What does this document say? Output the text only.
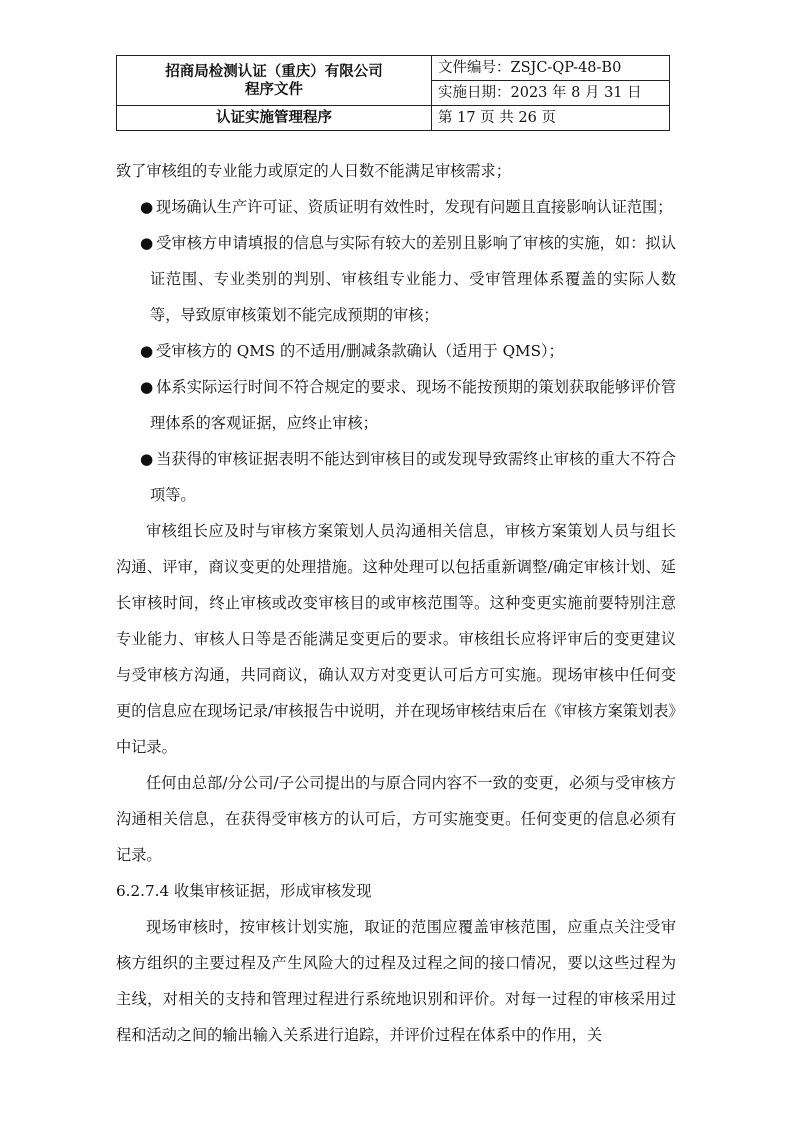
招商局检测认证（重庆）有限公司
程序文件	文件编号：ZSJC-QP-48-B0
	实施日期：2023 年 8 月 31 日
认证实施管理程序	第 17 页 共 26 页

致了审核组的专业能力或原定的人日数不能满足审核需求；

● 现场确认生产许可证、资质证明有效性时，发现有问题且直接影响认证范围；

● 受审核方申请填报的信息与实际有较大的差别且影响了审核的实施，如：拟认证范围、专业类别的判别、审核组专业能力、受审管理体系覆盖的实际人数等，导致原审核策划不能完成预期的审核；

● 受审核方的 QMS 的不适用/删减条款确认（适用于 QMS）；

● 体系实际运行时间不符合规定的要求、现场不能按预期的策划获取能够评价管理体系的客观证据，应终止审核；

● 当获得的审核证据表明不能达到审核目的或发现导致需终止审核的重大不符合项等。

审核组长应及时与审核方案策划人员沟通相关信息，审核方案策划人员与组长沟通、评审，商议变更的处理措施。这种处理可以包括重新调整/确定审核计划、延长审核时间，终止审核或改变审核目的或审核范围等。这种变更实施前要特别注意专业能力、审核人日等是否能满足变更后的要求。审核组长应将评审后的变更建议与受审核方沟通，共同商议，确认双方对变更认可后方可实施。现场审核中任何变更的信息应在现场记录/审核报告中说明，并在现场审核结束后在《审核方案策划表》中记录。

任何由总部/分公司/子公司提出的与原合同内容不一致的变更，必须与受审核方沟通相关信息，在获得受审核方的认可后，方可实施变更。任何变更的信息必须有记录。

6.2.7.4 收集审核证据，形成审核发现

现场审核时，按审核计划实施，取证的范围应覆盖审核范围，应重点关注受审核方组织的主要过程及产生风险大的过程及过程之间的接口情况，要以这些过程为主线，对相关的支持和管理过程进行系统地识别和评价。对每一过程的审核采用过程和活动之间的输出输入关系进行追踪，并评价过程在体系中的作用，关
